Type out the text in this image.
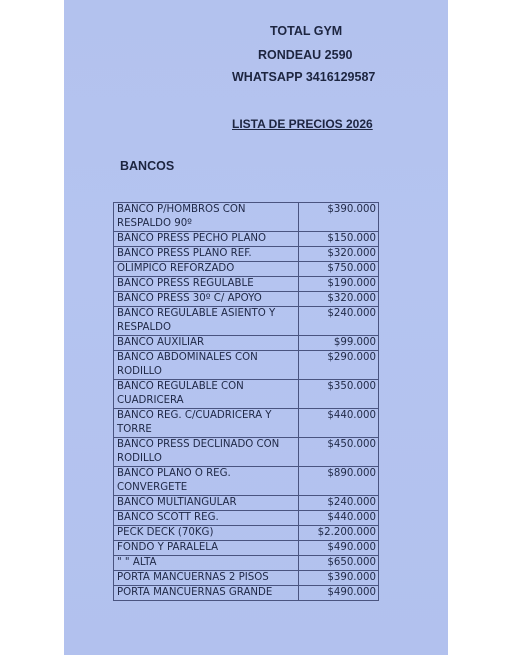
TOTAL GYM
RONDEAU 2590
WHATSAPP 3416129587
LISTA DE PRECIOS 2026
BANCOS
BANCO P/HOMBROS CON RESPALDO 90º	$390.000
BANCO PRESS PECHO PLANO	$150.000
BANCO PRESS PLANO REF.	$320.000
OLIMPICO REFORZADO	$750.000
BANCO PRESS REGULABLE	$190.000
BANCO PRESS 30º C/ APOYO	$320.000
BANCO REGULABLE ASIENTO Y RESPALDO	$240.000
BANCO AUXILIAR	$99.000
BANCO ABDOMINALES CON RODILLO	$290.000
BANCO REGULABLE CON CUADRICERA	$350.000
BANCO REG. C/CUADRICERA Y TORRE	$440.000
BANCO PRESS DECLINADO CON RODILLO	$450.000
BANCO PLANO O REG. CONVERGETE	$890.000
BANCO MULTIANGULAR	$240.000
BANCO SCOTT REG.	$440.000
PECK DECK (70KG)	$2.200.000
FONDO Y PARALELA	$490.000
" " ALTA	$650.000
PORTA MANCUERNAS 2 PISOS	$390.000
PORTA MANCUERNAS GRANDE	$490.000
